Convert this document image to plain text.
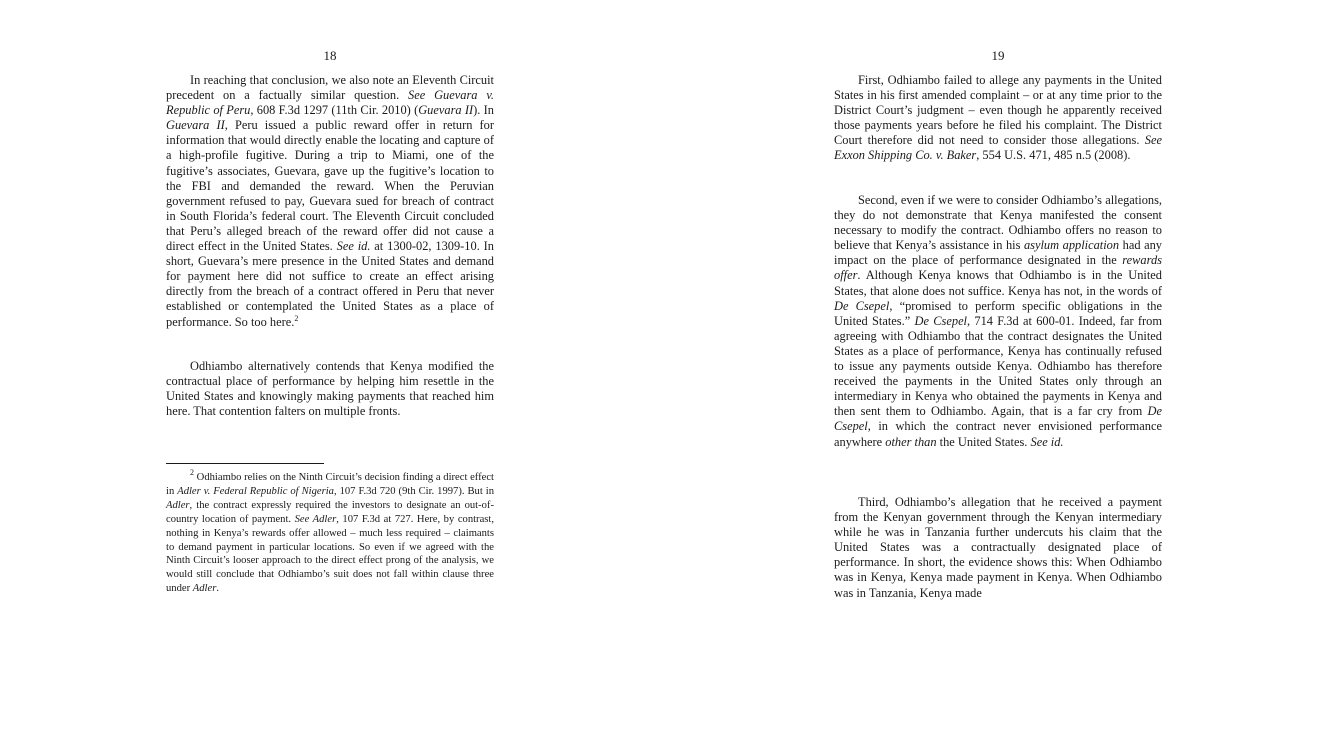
18

In reaching that conclusion, we also note an Eleventh Circuit precedent on a factually similar question. See Guevara v. Republic of Peru, 608 F.3d 1297 (11th Cir. 2010) (Guevara II). In Guevara II, Peru issued a public reward offer in return for information that would directly enable the locating and capture of a high-profile fugitive. During a trip to Miami, one of the fugitive’s associates, Guevara, gave up the fugitive’s location to the FBI and demanded the reward. When the Peruvian government refused to pay, Guevara sued for breach of contract in South Florida’s federal court. The Eleventh Circuit concluded that Peru’s alleged breach of the reward offer did not cause a direct effect in the United States. See id. at 1300-02, 1309-10. In short, Guevara’s mere presence in the United States and demand for payment here did not suffice to create an effect arising directly from the breach of a contract offered in Peru that never established or contemplated the United States as a place of performance. So too here.$^2$

Odhiambo alternatively contends that Kenya modified the contractual place of performance by helping him resettle in the United States and knowingly making payments that reached him here. That contention falters on multiple fronts.

$^2$ Odhiambo relies on the Ninth Circuit’s decision finding a direct effect in Adler v. Federal Republic of Nigeria, 107 F.3d 720 (9th Cir. 1997). But in Adler, the contract expressly required the investors to designate an out-of-country location of payment. See Adler, 107 F.3d at 727. Here, by contrast, nothing in Kenya’s rewards offer allowed – much less required – claimants to demand payment in particular locations. So even if we agreed with the Ninth Circuit’s looser approach to the direct effect prong of the analysis, we would still conclude that Odhiambo’s suit does not fall within clause three under Adler.

19

First, Odhiambo failed to allege any payments in the United States in his first amended complaint – or at any time prior to the District Court’s judgment – even though he apparently received those payments years before he filed his complaint. The District Court therefore did not need to consider those allegations. See Exxon Shipping Co. v. Baker, 554 U.S. 471, 485 n.5 (2008).

Second, even if we were to consider Odhiambo’s allegations, they do not demonstrate that Kenya manifested the consent necessary to modify the contract. Odhiambo offers no reason to believe that Kenya’s assistance in his asylum application had any impact on the place of performance designated in the rewards offer. Although Kenya knows that Odhiambo is in the United States, that alone does not suffice. Kenya has not, in the words of De Csepel, “promised to perform specific obligations in the United States.” De Csepel, 714 F.3d at 600-01. Indeed, far from agreeing with Odhiambo that the contract designates the United States as a place of performance, Kenya has continually refused to issue any payments outside Kenya. Odhiambo has therefore received the payments in the United States only through an intermediary in Kenya who obtained the payments in Kenya and then sent them to Odhiambo. Again, that is a far cry from De Csepel, in which the contract never envisioned performance anywhere other than the United States. See id.

Third, Odhiambo’s allegation that he received a payment from the Kenyan government through the Kenyan intermediary while he was in Tanzania further undercuts his claim that the United States was a contractually designated place of performance. In short, the evidence shows this: When Odhiambo was in Kenya, Kenya made payment in Kenya. When Odhiambo was in Tanzania, Kenya made
